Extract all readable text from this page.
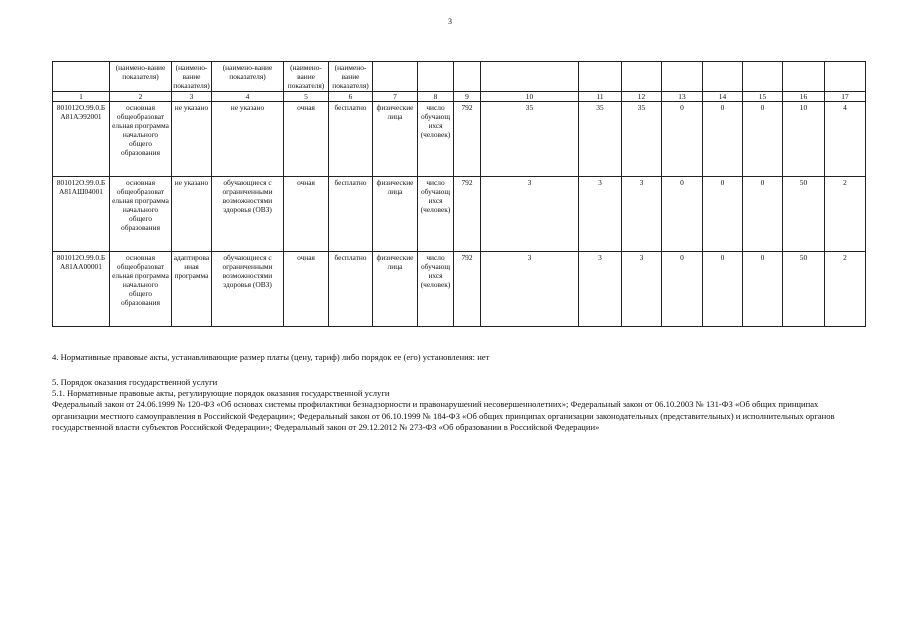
3
	(наимено-вание показателя)	(наимено-вание показателя)	(наимено-вание показателя)	(наимено-вание показателя)	(наимено-вание показателя)											
1	2	3	4	5	6	7	8	9	10	11	12	13	14	15	16	17
801012О.99.0.Б А81АЭ92001	основная общеобразоват ельная программа начального общего образования	не указано	не указано	очная	бесплатно	физические лица	число обучающ ихся (человек)	792	35	35	35	0	0	0	10	4
801012О.99.0.Б А81АШ04001	основная общеобразоват ельная программа начального общего образования	не указано	обучающиеся с ограниченными возможностями здоровья (ОВЗ)	очная	бесплатно	физические лица	число обучающ ихся (человек)	792	3	3	3	0	0	0	50	2
801012О.99.0.Б А81АА00001	основная общеобразоват ельная программа начального общего образования	адаптирова нная программа	обучающиеся с ограниченными возможностями здоровья (ОВЗ)	очная	бесплатно	физические лица	число обучающ ихся (человек)	792	3	3	3	0	0	0	50	2
4. Нормативные правовые акты, устанавливающие размер платы (цену, тариф) либо порядок ее (его) установления: нет
5. Порядок оказания государственной услуги
5.1. Нормативные правовые акты, регулирующие порядок оказания государственной услуги
Федеральный закон от 24.06.1999 № 120-ФЗ «Об основах системы профилактики безнадзорности и правонарушений несовершеннолетних»; Федеральный закон от 06.10.2003 № 131-ФЗ «Об общих принципах организации местного самоуправления в Российской Федерации»; Федеральный закон от 06.10.1999 № 184-ФЗ «Об общих принципах организации законодательных (представительных) и исполнительных органов государственной власти субъектов Российской Федерации»; Федеральный закон от 29.12.2012 № 273-ФЗ «Об образовании в Российской Федерации»
